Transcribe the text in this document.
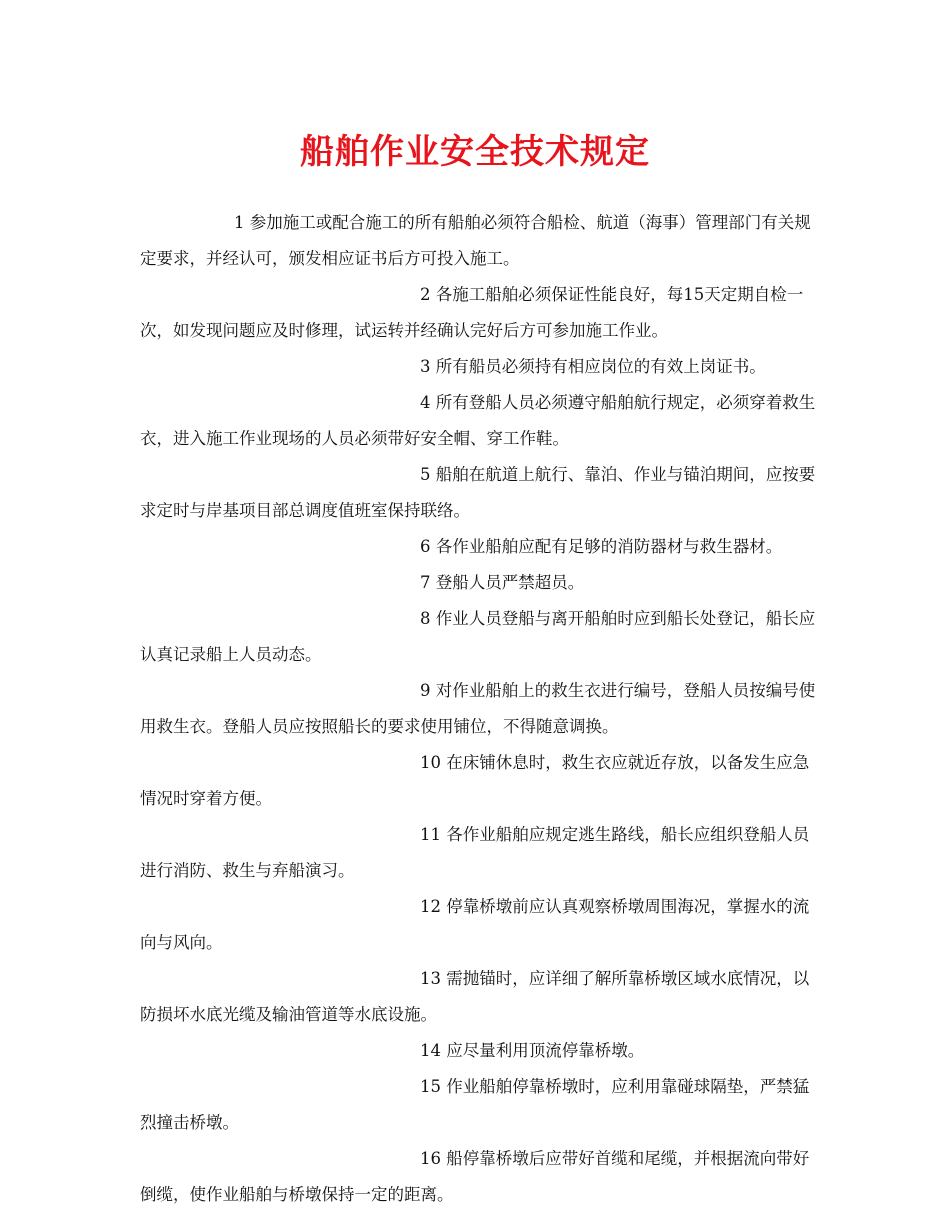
船舶作业安全技术规定

1 参加施工或配合施工的所有船舶必须符合船检、航道（海事）管理部门有关规定要求，并经认可，颁发相应证书后方可投入施工。

2 各施工船舶必须保证性能良好，每15天定期自检一次，如发现问题应及时修理，试运转并经确认完好后方可参加施工作业。

3 所有船员必须持有相应岗位的有效上岗证书。

4 所有登船人员必须遵守船舶航行规定，必须穿着救生衣，进入施工作业现场的人员必须带好安全帽、穿工作鞋。

5 船舶在航道上航行、靠泊、作业与锚泊期间，应按要求定时与岸基项目部总调度值班室保持联络。

6 各作业船舶应配有足够的消防器材与救生器材。

7 登船人员严禁超员。

8 作业人员登船与离开船舶时应到船长处登记，船长应认真记录船上人员动态。

9 对作业船舶上的救生衣进行编号，登船人员按编号使用救生衣。登船人员应按照船长的要求使用铺位，不得随意调换。

10 在床铺休息时，救生衣应就近存放，以备发生应急情况时穿着方便。

11 各作业船舶应规定逃生路线，船长应组织登船人员进行消防、救生与弃船演习。

12 停靠桥墩前应认真观察桥墩周围海况，掌握水的流向与风向。

13 需抛锚时，应详细了解所靠桥墩区域水底情况，以防损坏水底光缆及输油管道等水底设施。

14 应尽量利用顶流停靠桥墩。

15 作业船舶停靠桥墩时，应利用靠碰球隔垫，严禁猛烈撞击桥墩。

16 船停靠桥墩后应带好首缆和尾缆，并根据流向带好倒缆，使作业船舶与桥墩保持一定的距离。
